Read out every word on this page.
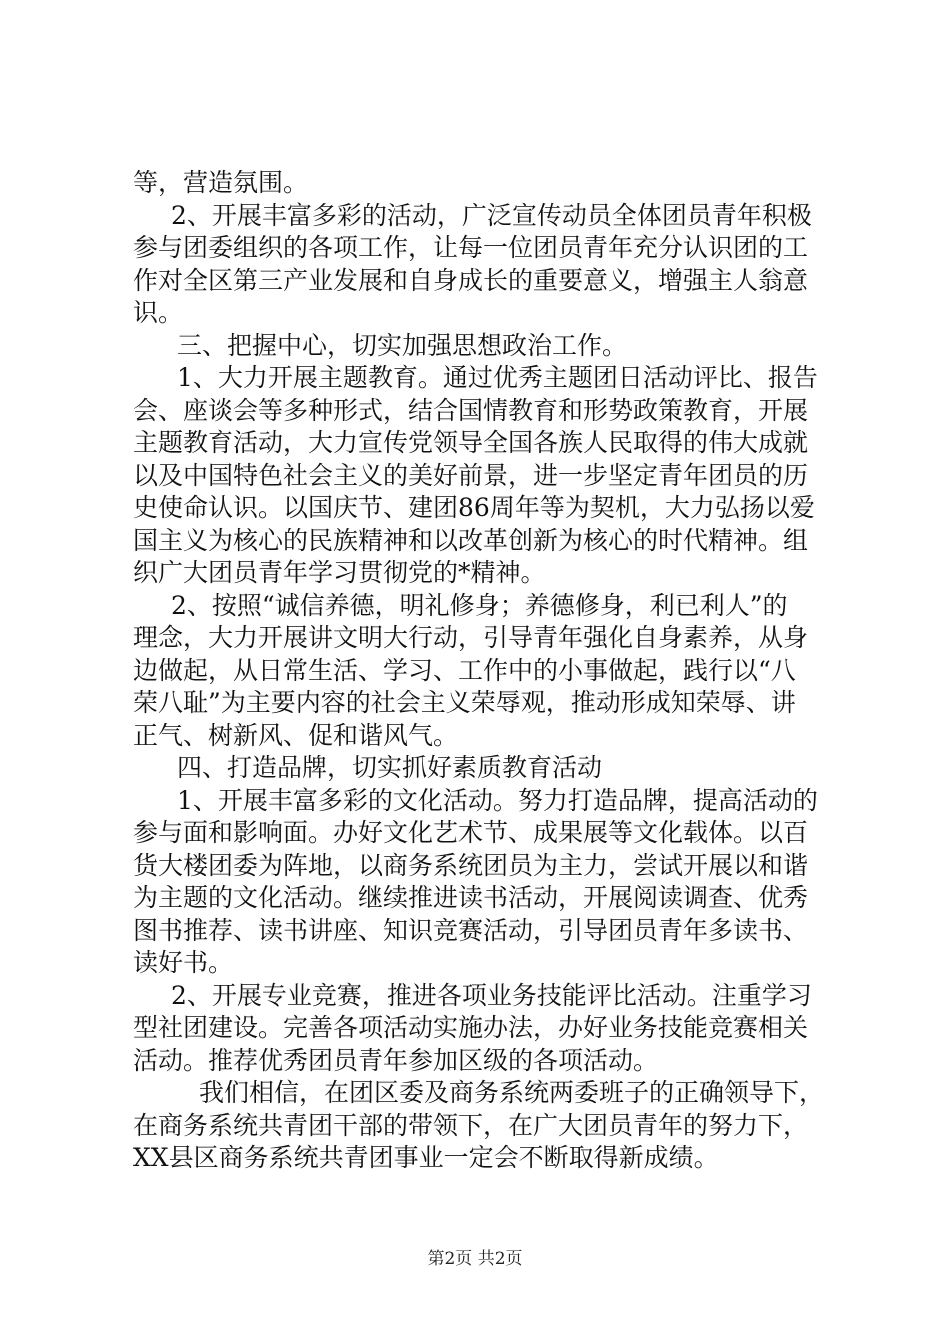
等，营造氛围。
2、开展丰富多彩的活动，广泛宣传动员全体团员青年积极
参与团委组织的各项工作，让每一位团员青年充分认识团的工
作对全区第三产业发展和自身成长的重要意义，增强主人翁意
识。
三、把握中心，切实加强思想政治工作。
1、大力开展主题教育。通过优秀主题团日活动评比、报告
会、座谈会等多种形式，结合国情教育和形势政策教育，开展
主题教育活动，大力宣传党领导全国各族人民取得的伟大成就
以及中国特色社会主义的美好前景，进一步坚定青年团员的历
史使命认识。以国庆节、建团86周年等为契机，大力弘扬以爱
国主义为核心的民族精神和以改革创新为核心的时代精神。组
织广大团员青年学习贯彻党的*精神。
2、按照“诚信养德，明礼修身；养德修身，利已利人”的
理念，大力开展讲文明大行动，引导青年强化自身素养，从身
边做起，从日常生活、学习、工作中的小事做起，践行以“八
荣八耻”为主要内容的社会主义荣辱观，推动形成知荣辱、讲
正气、树新风、促和谐风气。
四、打造品牌，切实抓好素质教育活动
1、开展丰富多彩的文化活动。努力打造品牌，提高活动的
参与面和影响面。办好文化艺术节、成果展等文化载体。以百
货大楼团委为阵地，以商务系统团员为主力，尝试开展以和谐
为主题的文化活动。继续推进读书活动，开展阅读调查、优秀
图书推荐、读书讲座、知识竞赛活动，引导团员青年多读书、
读好书。
2、开展专业竞赛，推进各项业务技能评比活动。注重学习
型社团建设。完善各项活动实施办法，办好业务技能竞赛相关
活动。推荐优秀团员青年参加区级的各项活动。
我们相信，在团区委及商务系统两委班子的正确领导下，
在商务系统共青团干部的带领下，在广大团员青年的努力下，
XX县区商务系统共青团事业一定会不断取得新成绩。
第2页 共2页
